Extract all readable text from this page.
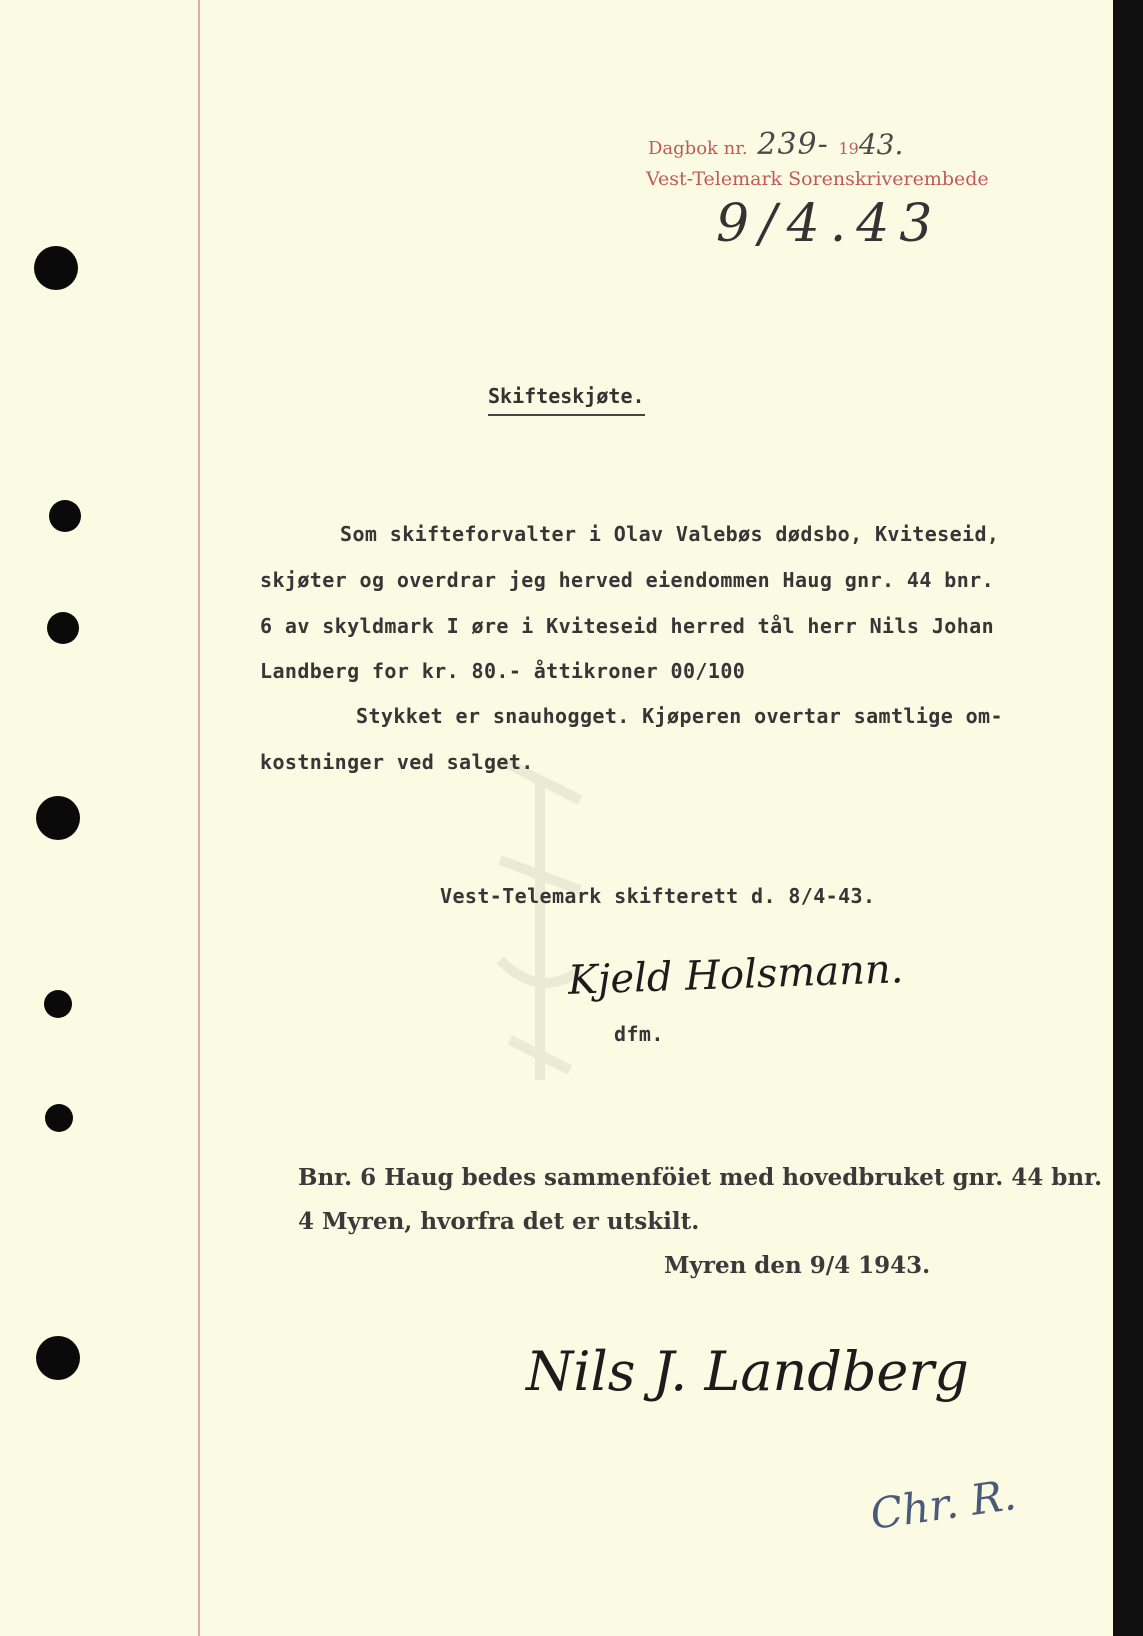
Dagbok nr. 239- 1943.
Vest-Telemark Sorenskriverembede
9/4.43
Skifteskjøte.
Som skifteforvalter i Olav Valebøs dødsbo, Kviteseid,
skjøter og overdrar jeg herved eiendommen Haug gnr. 44 bnr.
6 av skyldmark I øre i Kviteseid herred tål herr Nils Johan
Landberg for kr. 80.- åttikroner 00/100
Stykket er snauhogget. Kjøperen overtar samtlige om-
kostninger ved salget.
Vest-Telemark skifterett d. 8/4-43.
Kjeld Holsmann.
dfm.
Bnr. 6 Haug bedes sammenföiet med hovedbruket gnr. 44 bnr.
4 Myren, hvorfra det er utskilt.
Myren den 9/4 1943.
Nils J. Landberg
Chr. R.
